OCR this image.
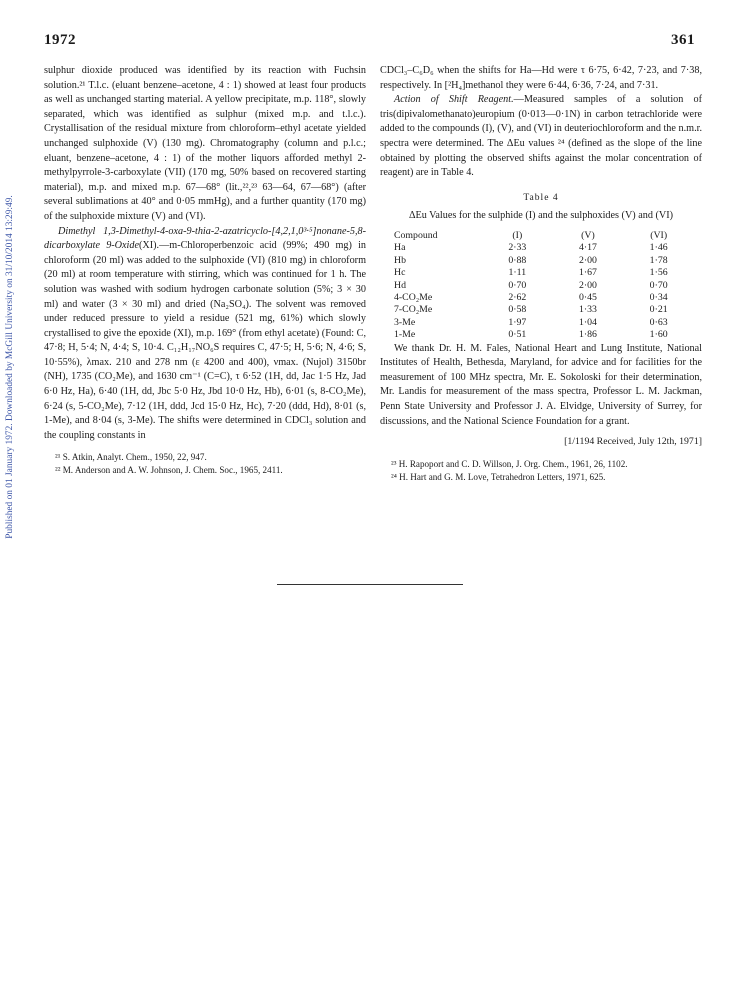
1972	361
Published on 01 January 1972. Downloaded by McGill University on 31/10/2014 13:29:49.

sulphur dioxide produced was identified by its reaction with Fuchsin solution.²¹ T.l.c. (eluant benzene–acetone, 4 : 1) showed at least four products as well as unchanged starting material. A yellow precipitate, m.p. 118°, slowly separated, which was identified as sulphur (mixed m.p. and t.l.c.). Crystallisation of the residual mixture from chloroform–ethyl acetate yielded unchanged sulphoxide (V) (130 mg). Chromatography (column and p.l.c.; eluant, benzene–acetone, 4 : 1) of the mother liquors afforded methyl 2-methylpyrrole-3-carboxylate (VII) (170 mg, 50% based on recovered starting material), m.p. and mixed m.p. 67—68° (lit.,²²,²³ 63—64, 67—68°) (after several sublimations at 40° and 0·05 mmHg), and a further quantity (170 mg) of the sulphoxide mixture (V) and (VI).

Dimethyl 1,3-Dimethyl-4-oxa-9-thia-2-azatricyclo-[4,2,1,0³·⁵]nonane-5,8-dicarboxylate 9-Oxide(XI).—m-Chloroperbenzoic acid (99%; 490 mg) in chloroform (20 ml) was added to the sulphoxide (VI) (810 mg) in chloroform (20 ml) at room temperature with stirring, which was continued for 1 h. The solution was washed with sodium hydrogen carbonate solution (5%; 3 × 30 ml) and water (3 × 30 ml) and dried (Na₂SO₄). The solvent was removed under reduced pressure to yield a residue (521 mg, 61%) which slowly crystallised to give the epoxide (XI), m.p. 169° (from ethyl acetate) (Found: C, 47·8; H, 5·4; N, 4·4; S, 10·4. C₁₂H₁₇NO₆S requires C, 47·5; H, 5·6; N, 4·6; S, 10·55%), λmax. 210 and 278 nm (ε 4200 and 400), νmax. (Nujol) 3150br (NH), 1735 (CO₂Me), and 1630 cm⁻¹ (C=C), τ 6·52 (1H, dd, Jac 1·5 Hz, Jad 6·0 Hz, Ha), 6·40 (1H, dd, Jbc 5·0 Hz, Jbd 10·0 Hz, Hb), 6·01 (s, 8-CO₂Me), 6·24 (s, 5-CO₂Me), 7·12 (1H, ddd, Jcd 15·0 Hz, Hc), 7·20 (ddd, Hd), 8·01 (s, 1-Me), and 8·04 (s, 3-Me). The shifts were determined in CDCl₃ solution and the coupling constants in

²¹ S. Atkin, Analyt. Chem., 1950, 22, 947.

²² M. Anderson and A. W. Johnson, J. Chem. Soc., 1965, 2411.

CDCl₃–C₆D₆ when the shifts for Ha—Hd were τ 6·75, 6·42, 7·23, and 7·38, respectively. In [²H₄]methanol they were 6·44, 6·36, 7·24, and 7·31.

Action of Shift Reagent.—Measured samples of a solution of tris(dipivalomethanato)europium (0·013—0·1N) in carbon tetrachloride were added to the compounds (I), (V), and (VI) in deuteriochloroform and the n.m.r. spectra were determined. The ΔEu values ²⁴ (defined as the slope of the line obtained by plotting the observed shifts against the molar concentration of reagent) are in Table 4.

Table 4
ΔEu Values for the sulphide (I) and the sulphoxides (V) and (VI)
Compound	(I)	(V)	(VI)
Ha	2·33	4·17	1·46
Hb	0·88	2·00	1·78
Hc	1·11	1·67	1·56
Hd	0·70	2·00	0·70
4-CO₂Me	2·62	0·45	0·34
7-CO₂Me	0·58	1·33	0·21
3-Me	1·97	1·04	0·63
1-Me	0·51	1·86	1·60

We thank Dr. H. M. Fales, National Heart and Lung Institute, National Institutes of Health, Bethesda, Maryland, for advice and for facilities for the measurement of 100 MHz spectra, Mr. E. Sokoloski for their determination, Mr. Landis for measurement of the mass spectra, Professor L. M. Jackman, Penn State University and Professor J. A. Elvidge, University of Surrey, for discussions, and the National Science Foundation for a grant.

[1/1194 Received, July 12th, 1971]

²³ H. Rapoport and C. D. Willson, J. Org. Chem., 1961, 26, 1102.

²⁴ H. Hart and G. M. Love, Tetrahedron Letters, 1971, 625.
